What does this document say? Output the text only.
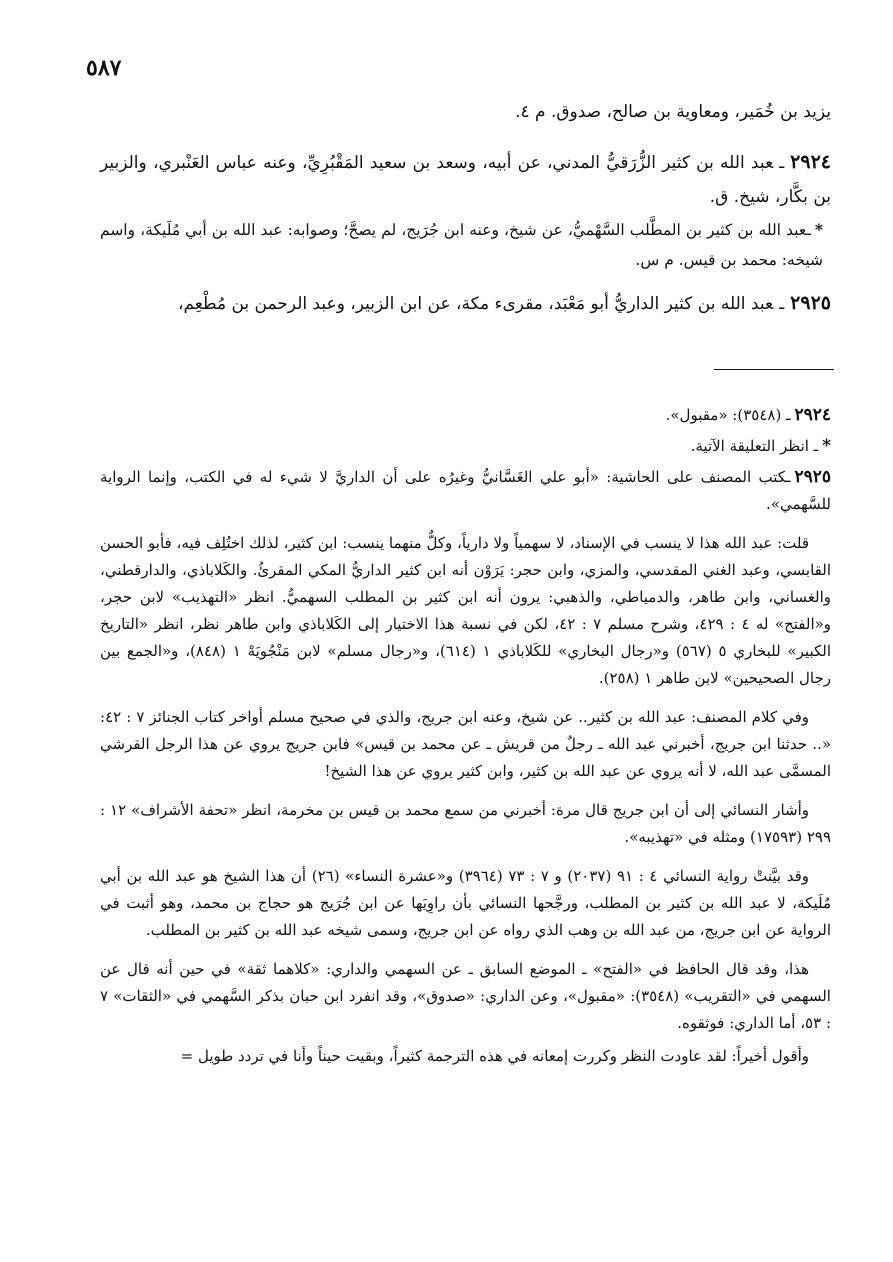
٥٨٧
يزيد بن خُمَير، ومعاوية بن صالح، صدوق. م ٤.
٢٩٢٤ـعبد الله بن كثير الزُّرَقيُّ المدني، عن أبيه، وسعد بن سعيد المَقْبُرِيِّ، وعنه عباس العَنْبري، والزبير بن بكَّار، شيخ. ق.
*ـعبد الله بن كثير بن المطَّلب السَّهْميُّ، عن شيخ، وعنه ابن جُرَيج، لم يصحَّ؛ وصوابه: عبد الله بن أبي مُلَيكة، واسم شيخه: محمد بن قيس. م س.
٢٩٢٥ـعبد الله بن كثير الداريُّ أبو مَعْبَد، مقرىء مكة، عن ابن الزبير، وعبد الرحمن بن مُطْعِم،

٢٩٢٤ـ (٣٥٤٨): «مقبول».

*ـ انظر التعليقة الآتية.

٢٩٢٥ـكتب المصنف على الحاشية: «أبو علي الغَسَّانيُّ وغيرُه على أن الداريَّ لا شيء له في الكتب، وإنما الرواية للسَّهمي».

قلت: عبد الله هذا لا ينسب في الإسناد، لا سهمياً ولا دارياً، وكلٌّ منهما ينسب: ابن كثير، لذلك اختُلِف فيه، فأبو الحسن القابسي، وعبد الغني المقدسي، والمزي، وابن حجر: يَرَوْن أنه ابن كثير الداريُّ المكي المقرئُ. والكَلاباذي، والدارقطني، والغساني، وابن طاهر، والدمياطي، والذهبي: يرون أنه ابن كثير بن المطلب السهميُّ. انظر «التهذيب» لابن حجر، و«الفتح» له ٤ : ٤٢٩، وشرح مسلم ٧ : ٤٢، لكن في نسبة هذا الاختيار إلى الكَلاباذي وابن طاهر نظر، انظر «التاريخ الكبير» للبخاري ٥ (٥٦٧) و«رجال البخاري» للكَلاباذي ١ (٦١٤)، و«رجال مسلم» لابن مَنْجُويَهْ ١ (٨٤٨)، و«الجمع بين رجال الصحيحين» لابن طاهر ١ (٢٥٨).

وفي كلام المصنف: عبد الله بن كثير.. عن شيخ، وعنه ابن جريج، والذي في صحيح مسلم أواخر كتاب الجنائز ٧ : ٤٢: «.. حدثنا ابن جريج، أخبرني عبد الله ـ رجلٌ من قريش ـ عن محمد بن قيس» فابن جريج يروي عن هذا الرجل القرشي المسمَّى عبد الله، لا أنه يروي عن عبد الله بن كثير، وابن كثير يروي عن هذا الشيخ!

وأشار النسائي إلى أن ابن جريج قال مرة: أخبرني من سمع محمد بن قيس بن مخرمة، انظر «تحفة الأشراف» ١٢ : ٢٩٩ (١٧٥٩٣) ومثله في «تهذيبه».

وقد بيَّنتْ رواية النسائي ٤ : ٩١ (٢٠٣٧) و ٧ : ٧٣ (٣٩٦٤) و«عشرة النساء» (٢٦) أن هذا الشيخ هو عبد الله بن أبي مُلَيكة، لا عبد الله بن كثير بن المطلب، ورجَّحها النسائي بأن راوِيَها عن ابن جُرَيج هو حجاج بن محمد، وهو أثبت في الرواية عن ابن جريج، من عبد الله بن وهب الذي رواه عن ابن جريج، وسمى شيخه عبد الله بن كثير بن المطلب.

هذا، وقد قال الحافظ في «الفتح» ـ الموضع السابق ـ عن السهمي والداري: «كلاهما ثقة» في حين أنه قال عن السهمي في «التقريب» (٣٥٤٨): «مقبول»، وعن الداري: «صدوق»، وقد انفرد ابن حبان بذكر السَّهمي في «الثقات» ٧ : ٥٣، أما الداري: فوثقوه.

وأقول أخيراً: لقد عاودت النظر وكررت إمعانه في هذه الترجمة كثيراً، وبقيت حيناً وأنا في تردد طويل =
